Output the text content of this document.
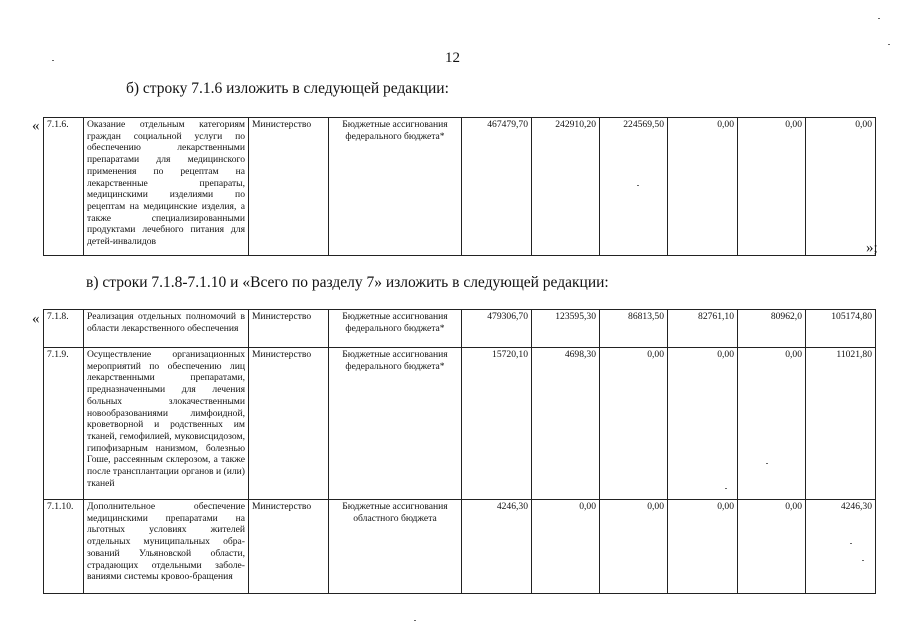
12
б) строку 7.1.6 изложить в следующей редакции:
« 7.1.6.	Оказание отдельным категориям граждан социальной услуги по обеспечению лекарственными препаратами для медицинского применения по рецептам на лекарственные препараты, медицинскими изделиями по рецептам на медицинские изделия, а также специализированными продуктами лечебного питания для детей-инвалидов	Министерство	Бюджетные ассигнования федерального бюджета*	467479,70	242910,20	224569,50	0,00	0,00	0,00
»;
в) строки 7.1.8-7.1.10 и «Всего по разделу 7» изложить в следующей редакции:
« 7.1.8.	Реализация отдельных полномочий в области лекарственного обеспечения	Министерство	Бюджетные ассигнования федерального бюджета*	479306,70	123595,30	86813,50	82761,10	80962,0	105174,80
7.1.9.	Осуществление организационных мероприятий по обеспечению лиц лекарственными препаратами, предназначенными для лечения больных злокачественными новообразованиями лимфоидной, кроветворной и родственных им тканей, гемофилией, муковисцидозом, гипофизарным нанизмом, болезнью Гоше, рассеянным склерозом, а также после трансплантации органов и (или) тканей	Министерство	Бюджетные ассигнования федерального бюджета*	15720,10	4698,30	0,00	0,00	0,00	11021,80
7.1.10.	Дополнительное обеспечение медицинскими препаратами на льготных условиях жителей отдельных муниципальных обра-зований Ульяновской области, страдающих отдельными заболе-ваниями системы кровоо-бращения	Министерство	Бюджетные ассигнования областного бюджета	4246,30	0,00	0,00	0,00	0,00	4246,30
